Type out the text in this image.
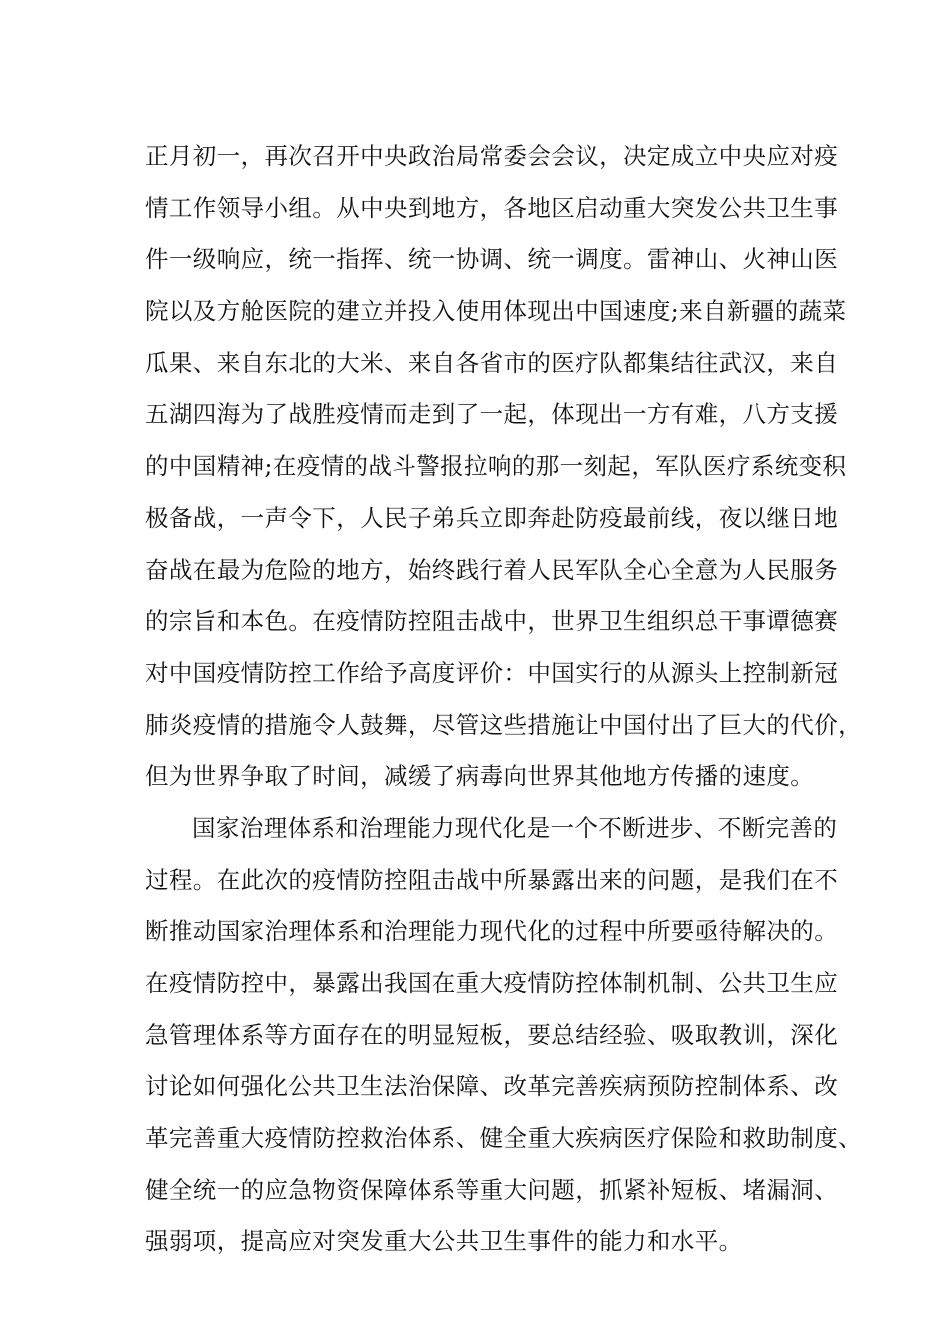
正月初一，再次召开中央政治局常委会会议，决定成立中央应对疫
情工作领导小组。从中央到地方，各地区启动重大突发公共卫生事
件一级响应，统一指挥、统一协调、统一调度。雷神山、火神山医
院以及方舱医院的建立并投入使用体现出中国速度;来自新疆的蔬菜
瓜果、来自东北的大米、来自各省市的医疗队都集结往武汉，来自
五湖四海为了战胜疫情而走到了一起，体现出一方有难，八方支援
的中国精神;在疫情的战斗警报拉响的那一刻起，军队医疗系统变积
极备战，一声令下，人民子弟兵立即奔赴防疫最前线，夜以继日地
奋战在最为危险的地方，始终践行着人民军队全心全意为人民服务
的宗旨和本色。在疫情防控阻击战中，世界卫生组织总干事谭德赛
对中国疫情防控工作给予高度评价：中国实行的从源头上控制新冠
肺炎疫情的措施令人鼓舞，尽管这些措施让中国付出了巨大的代价，
但为世界争取了时间，减缓了病毒向世界其他地方传播的速度。
国家治理体系和治理能力现代化是一个不断进步、不断完善的
过程。在此次的疫情防控阻击战中所暴露出来的问题，是我们在不
断推动国家治理体系和治理能力现代化的过程中所要亟待解决的。
在疫情防控中，暴露出我国在重大疫情防控体制机制、公共卫生应
急管理体系等方面存在的明显短板，要总结经验、吸取教训，深化
讨论如何强化公共卫生法治保障、改革完善疾病预防控制体系、改
革完善重大疫情防控救治体系、健全重大疾病医疗保险和救助制度、
健全统一的应急物资保障体系等重大问题，抓紧补短板、堵漏洞、
强弱项，提高应对突发重大公共卫生事件的能力和水平。
